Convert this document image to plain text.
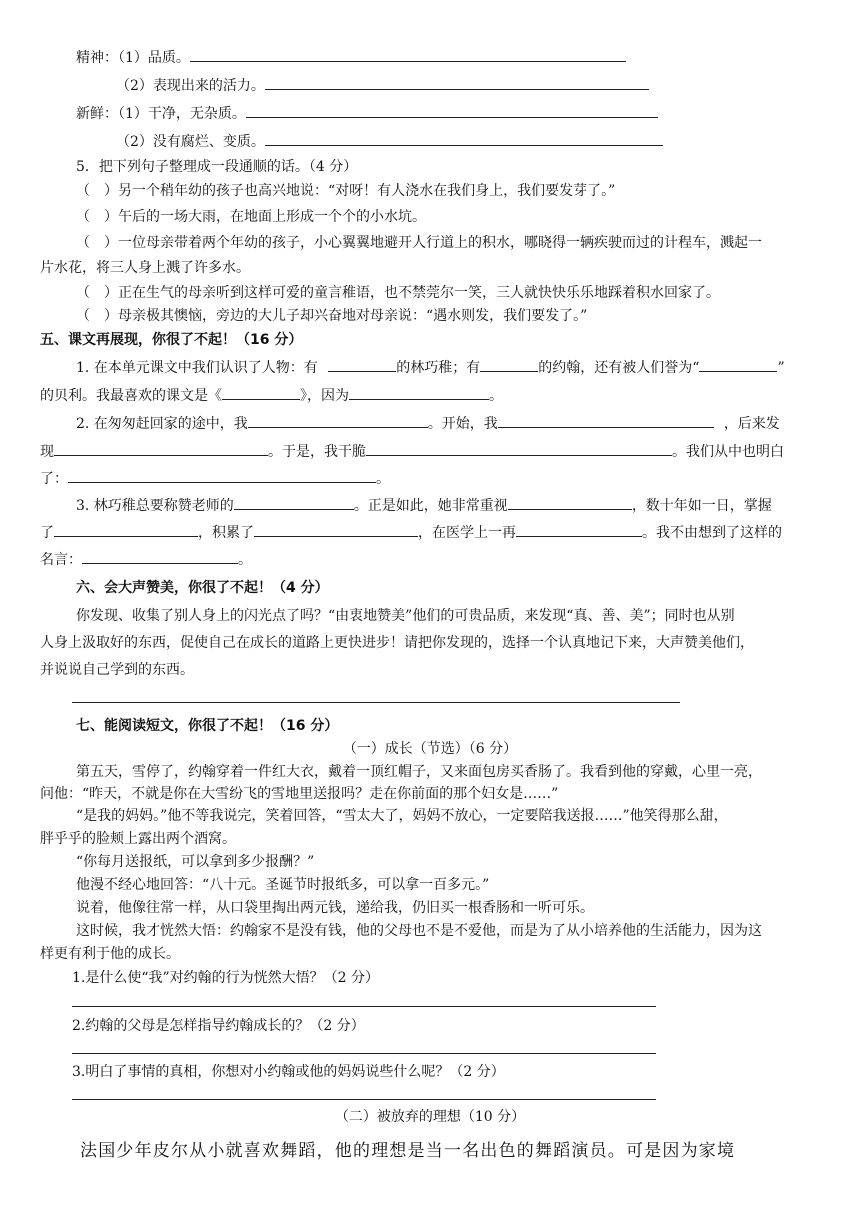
精神：（1）品质。
（2）表现出来的活力。
新鲜：（1）干净，无杂质。
（2）没有腐烂、变质。
5．把下列句子整理成一段通顺的话。（4 分）
（　）另一个稍年幼的孩子也高兴地说：“对呀！有人浇水在我们身上，我们要发芽了。”
（　）午后的一场大雨，在地面上形成一个个的小水坑。
（　）一位母亲带着两个年幼的孩子，小心翼翼地避开人行道上的积水，哪晓得一辆疾驶而过的计程车，溅起一
片水花，将三人身上溅了许多水。
（　）正在生气的母亲听到这样可爱的童言稚语，也不禁莞尔一笑，三人就快快乐乐地踩着积水回家了。
（　）母亲极其懊恼，旁边的大儿子却兴奋地对母亲说：“遇水则发，我们要发了。”
五、课文再展现，你很了不起！（16 分）
1. 在本单元课文中我们认识了人物：有	的林巧稚；有	的约翰，还有被人们誉为“	”
的贝利。我最喜欢的课文是《	》，因为	。
2. 在匆匆赶回家的途中，我	。开始，我	，后来发
现	。于是，我干脆	。我们从中也明白
了：	。
3. 林巧稚总要称赞老师的	。正是如此，她非常重视	，数十年如一日，掌握
了	，积累了	，在医学上一再	。我不由想到了这样的
名言：	。
六、会大声赞美，你很了不起！（4 分）
你发现、收集了别人身上的闪光点了吗？“由衷地赞美”他们的可贵品质，来发现“真、善、美”；同时也从别
人身上汲取好的东西，促使自己在成长的道路上更快进步！请把你发现的，选择一个认真地记下来，大声赞美他们，
并说说自己学到的东西。
七、能阅读短文，你很了不起！（16 分）
（一）成长（节选）（6 分）
第五天，雪停了，约翰穿着一件红大衣，戴着一顶红帽子，又来面包房买香肠了。我看到他的穿戴，心里一亮，
问他：“昨天，不就是你在大雪纷飞的雪地里送报吗？走在你前面的那个妇女是……”
“是我的妈妈。”他不等我说完，笑着回答，“雪太大了，妈妈不放心，一定要陪我送报……”他笑得那么甜，
胖乎乎的脸颊上露出两个酒窝。
“你每月送报纸，可以拿到多少报酬？”
他漫不经心地回答：“八十元。圣诞节时报纸多，可以拿一百多元。”
说着，他像往常一样，从口袋里掏出两元钱，递给我，仍旧买一根香肠和一听可乐。
这时候，我才恍然大悟：约翰家不是没有钱，他的父母也不是不爱他，而是为了从小培养他的生活能力，因为这
样更有利于他的成长。
1.是什么使“我”对约翰的行为恍然大悟？（2 分）
2.约翰的父母是怎样指导约翰成长的？（2 分）
3.明白了事情的真相，你想对小约翰或他的妈妈说些什么呢？（2 分）
（二）被放弃的理想（10 分）
法国少年皮尔从小就喜欢舞蹈，他的理想是当一名出色的舞蹈演员。可是因为家境
